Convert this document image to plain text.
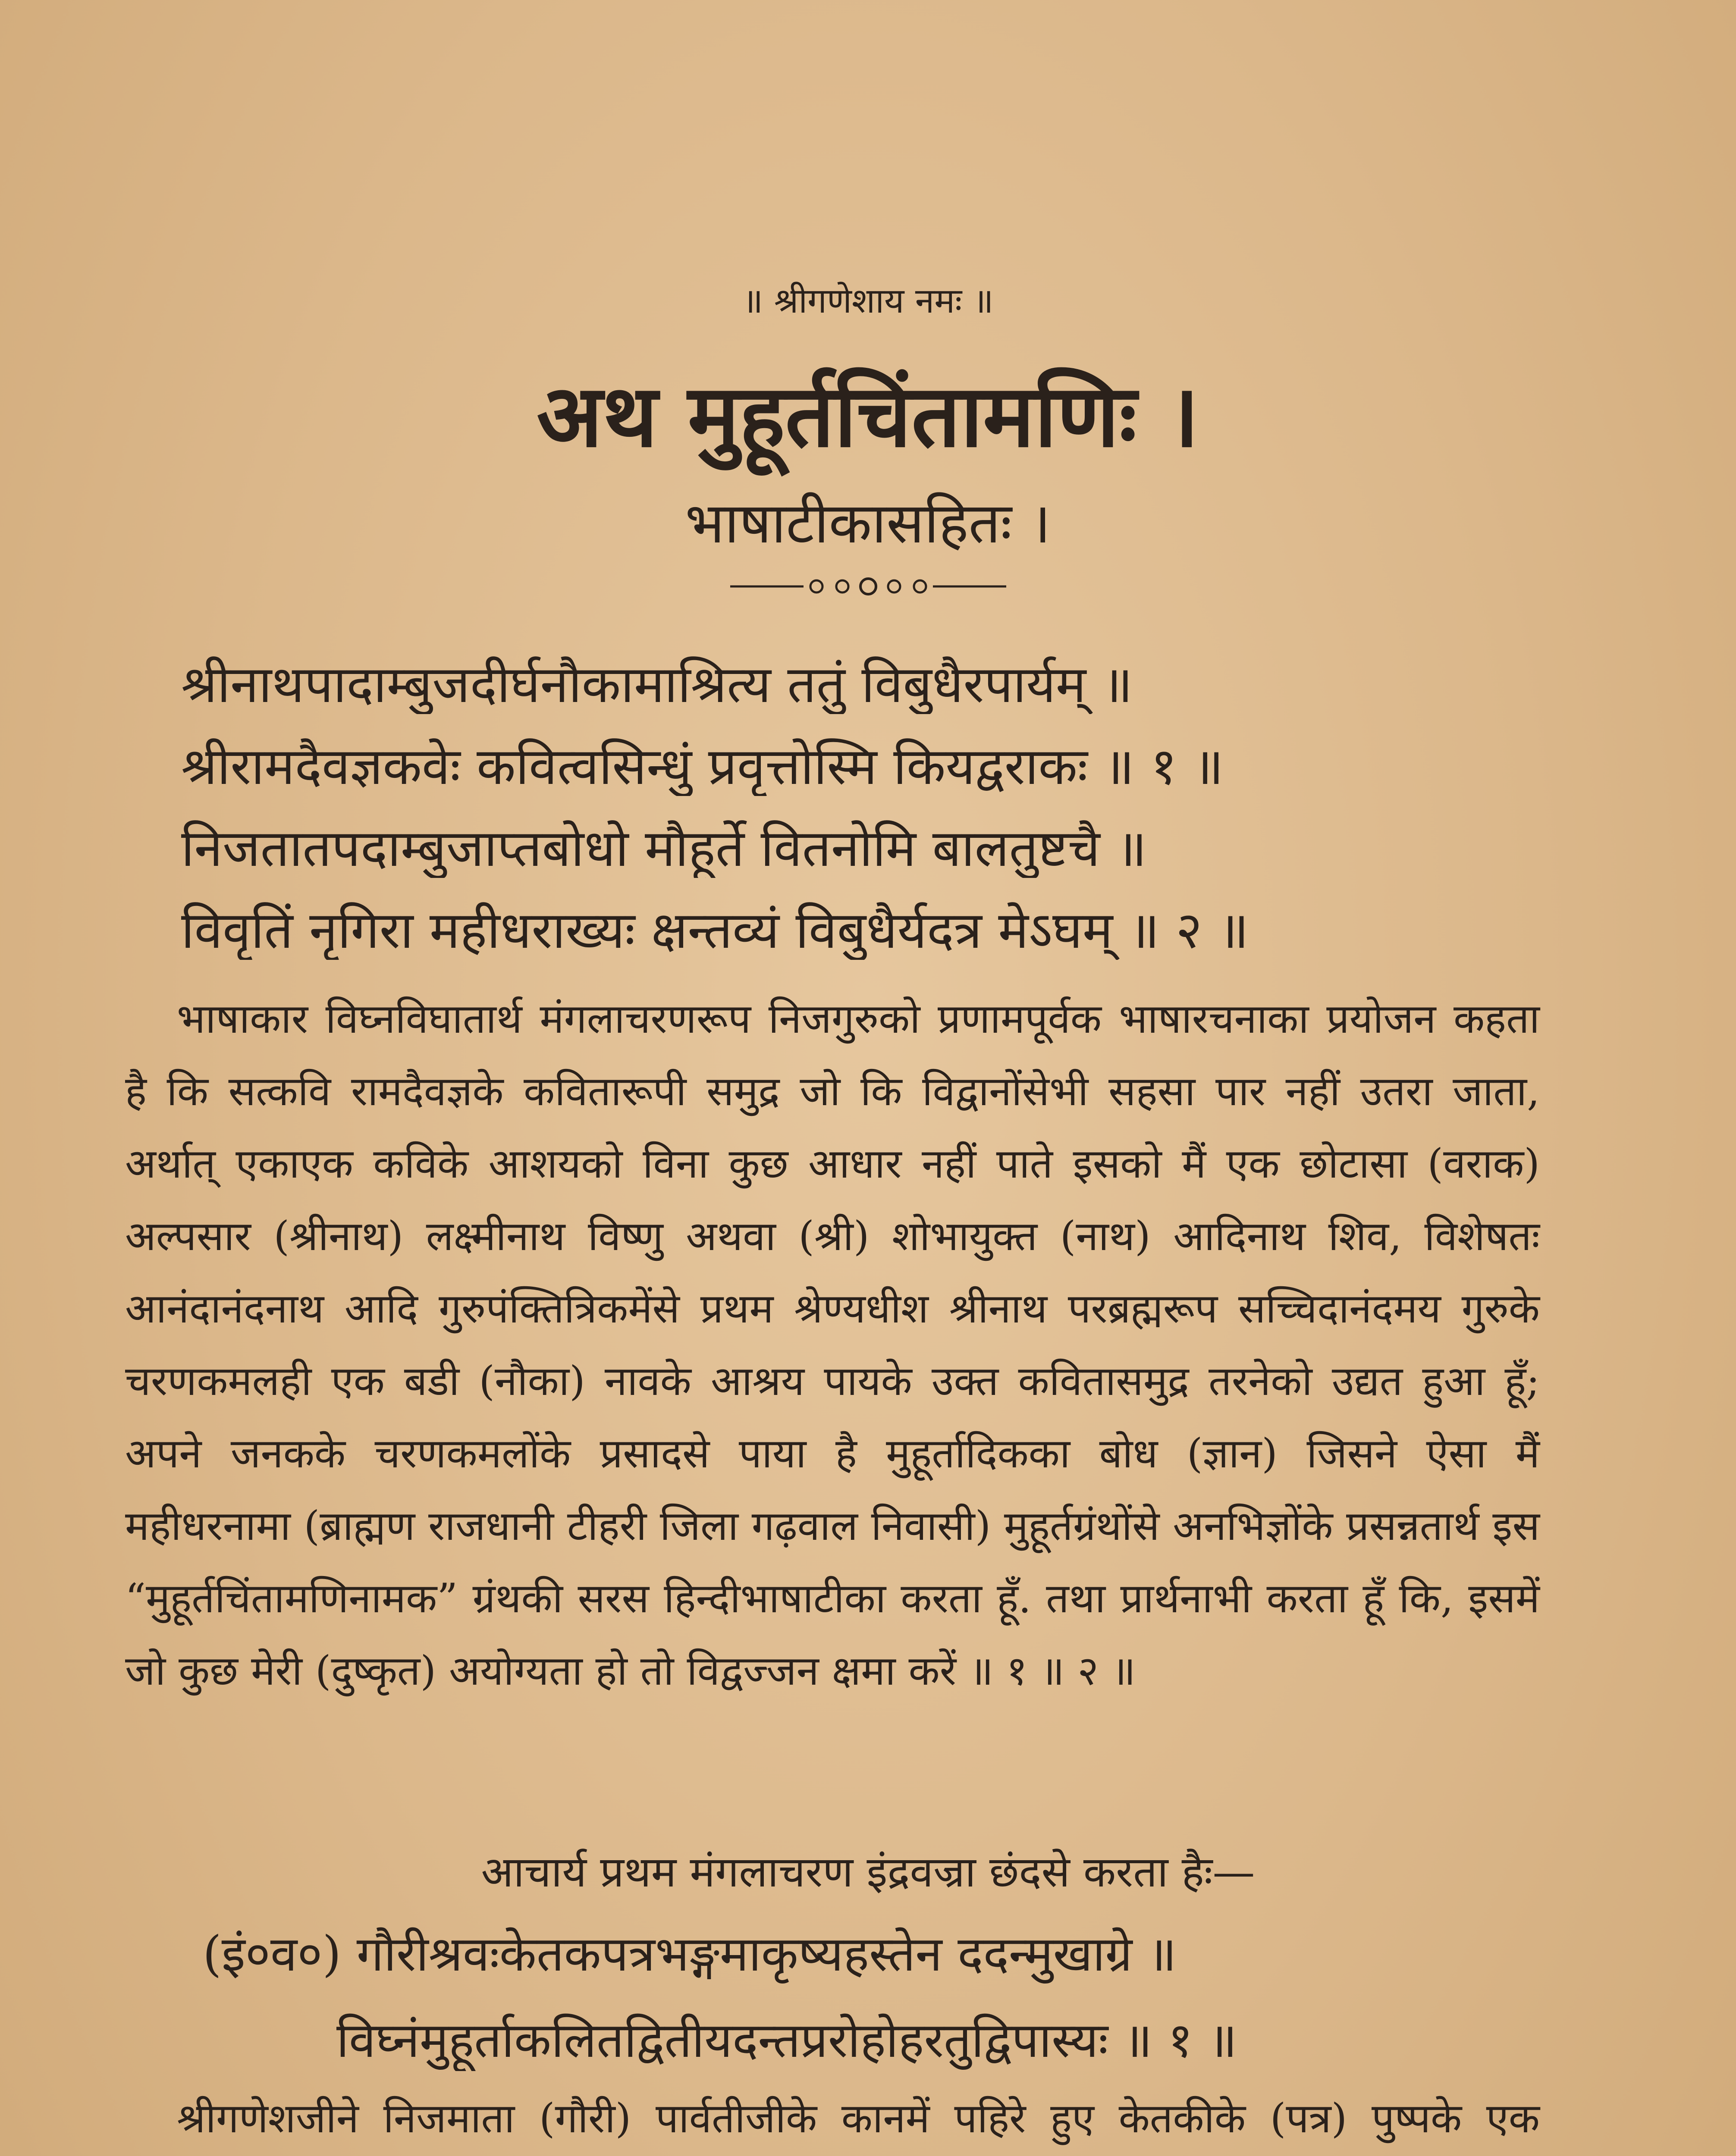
॥ श्रीगणेशाय नमः ॥
अथ मुहूर्तचिंतामणिः ।
भाषाटीकासहितः ।
श्रीनाथपादाम्बुजदीर्घनौकामाश्रित्य ततुं विबुधैरपार्यम् ॥
श्रीरामदैवज्ञकवेः कवित्वसिन्धुं प्रवृत्तोस्मि कियद्वराकः ॥ १ ॥
निजतातपदाम्बुजाप्तबोधो मौहूर्ते वितनोमि बालतुष्टचै ॥
विवृतिं नृगिरा महीधराख्यः क्षन्तव्यं विबुधैर्यदत्र मेऽघम् ॥ २ ॥
भाषाकार विघ्नविघातार्थ मंगलाचरणरूप निजगुरुको प्रणामपूर्वक भाषारचनाका प्रयोजन कहता है कि सत्कवि रामदैवज्ञके कवितारूपी समुद्र जो कि विद्वानोंसेभी सहसा पार नहीं उतरा जाता, अर्थात् एकाएक कविके आशयको विना कुछ आधार नहीं पाते इसको मैं एक छोटासा (वराक) अल्पसार (श्रीनाथ) लक्ष्मीनाथ विष्णु अथवा (श्री) शोभायुक्त (नाथ) आदिनाथ शिव, विशेषतः आनंदानंदनाथ आदि गुरुपंक्तित्रिकमेंसे प्रथम श्रेण्यधीश श्रीनाथ परब्रह्मरूप सच्चिदानंदमय गुरुके चरणकमलही एक बडी (नौका) नावके आश्रय पायके उक्त कवितासमुद्र तरनेको उद्यत हुआ हूँ; अपने जनकके चरणकमलोंके प्रसादसे पाया है मुहूर्तादिकका बोध (ज्ञान) जिसने ऐसा मैं महीधरनामा (ब्राह्मण राजधानी टीहरी जिला गढ़वाल निवासी) मुहूर्तग्रंथोंसे अनभिज्ञोंके प्रसन्नतार्थ इस “मुहूर्तचिंतामणिनामक” ग्रंथकी सरस हिन्दीभाषाटीका करता हूँ. तथा प्रार्थनाभी करता हूँ कि, इसमें जो कुछ मेरी (दुष्कृत) अयोग्यता हो तो विद्वज्जन क्षमा करें ॥ १ ॥ २ ॥
आचार्य प्रथम मंगलाचरण इंद्रवज्रा छंदसे करता हैः—
(इं०व०) गौरीश्रवःकेतकपत्रभङ्गमाकृष्यहस्तेन ददन्मुखाग्रे ॥
विघ्नंमुहूर्ताकलितद्वितीयदन्तप्ररोहोहरतुद्विपास्यः ॥ १ ॥
श्रीगणेशजीने निजमाता (गौरी) पार्वतीजीके कानमें पहिरे हुए केतकीके (पत्र) पुष्पके एक
